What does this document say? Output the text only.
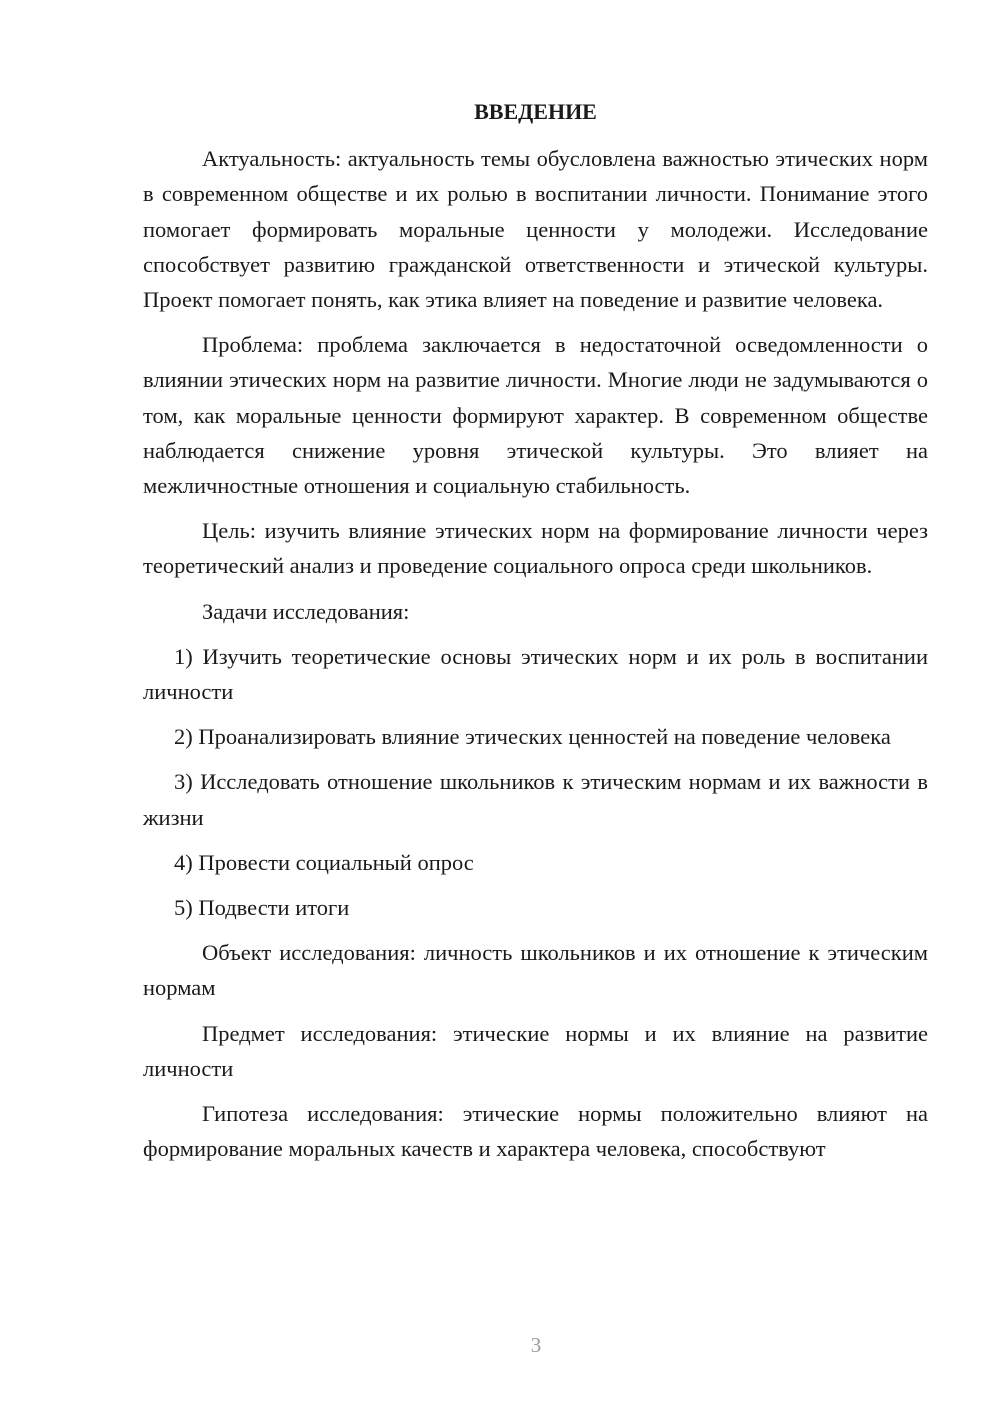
ВВЕДЕНИЕ

Актуальность: актуальность темы обусловлена важностью этических норм в современном обществе и их ролью в воспитании личности. Понимание этого помогает формировать моральные ценности у молодежи. Исследование способствует развитию гражданской ответственности и этической культуры. Проект помогает понять, как этика влияет на поведение и развитие человека.

Проблема: проблема заключается в недостаточной осведомленности о влиянии этических норм на развитие личности. Многие люди не задумываются о том, как моральные ценности формируют характер. В современном обществе наблюдается снижение уровня этической культуры. Это влияет на межличностные отношения и социальную стабильность.

Цель: изучить влияние этических норм на формирование личности через теоретический анализ и проведение социального опроса среди школьников.

Задачи исследования:

1) Изучить теоретические основы этических норм и их роль в воспитании личности

2) Проанализировать влияние этических ценностей на поведение человека

3) Исследовать отношение школьников к этическим нормам и их важности в жизни

4) Провести социальный опрос

5) Подвести итоги

Объект исследования: личность школьников и их отношение к этическим нормам

Предмет исследования: этические нормы и их влияние на развитие личности

Гипотеза исследования: этические нормы положительно влияют на формирование моральных качеств и характера человека, способствуют

3
